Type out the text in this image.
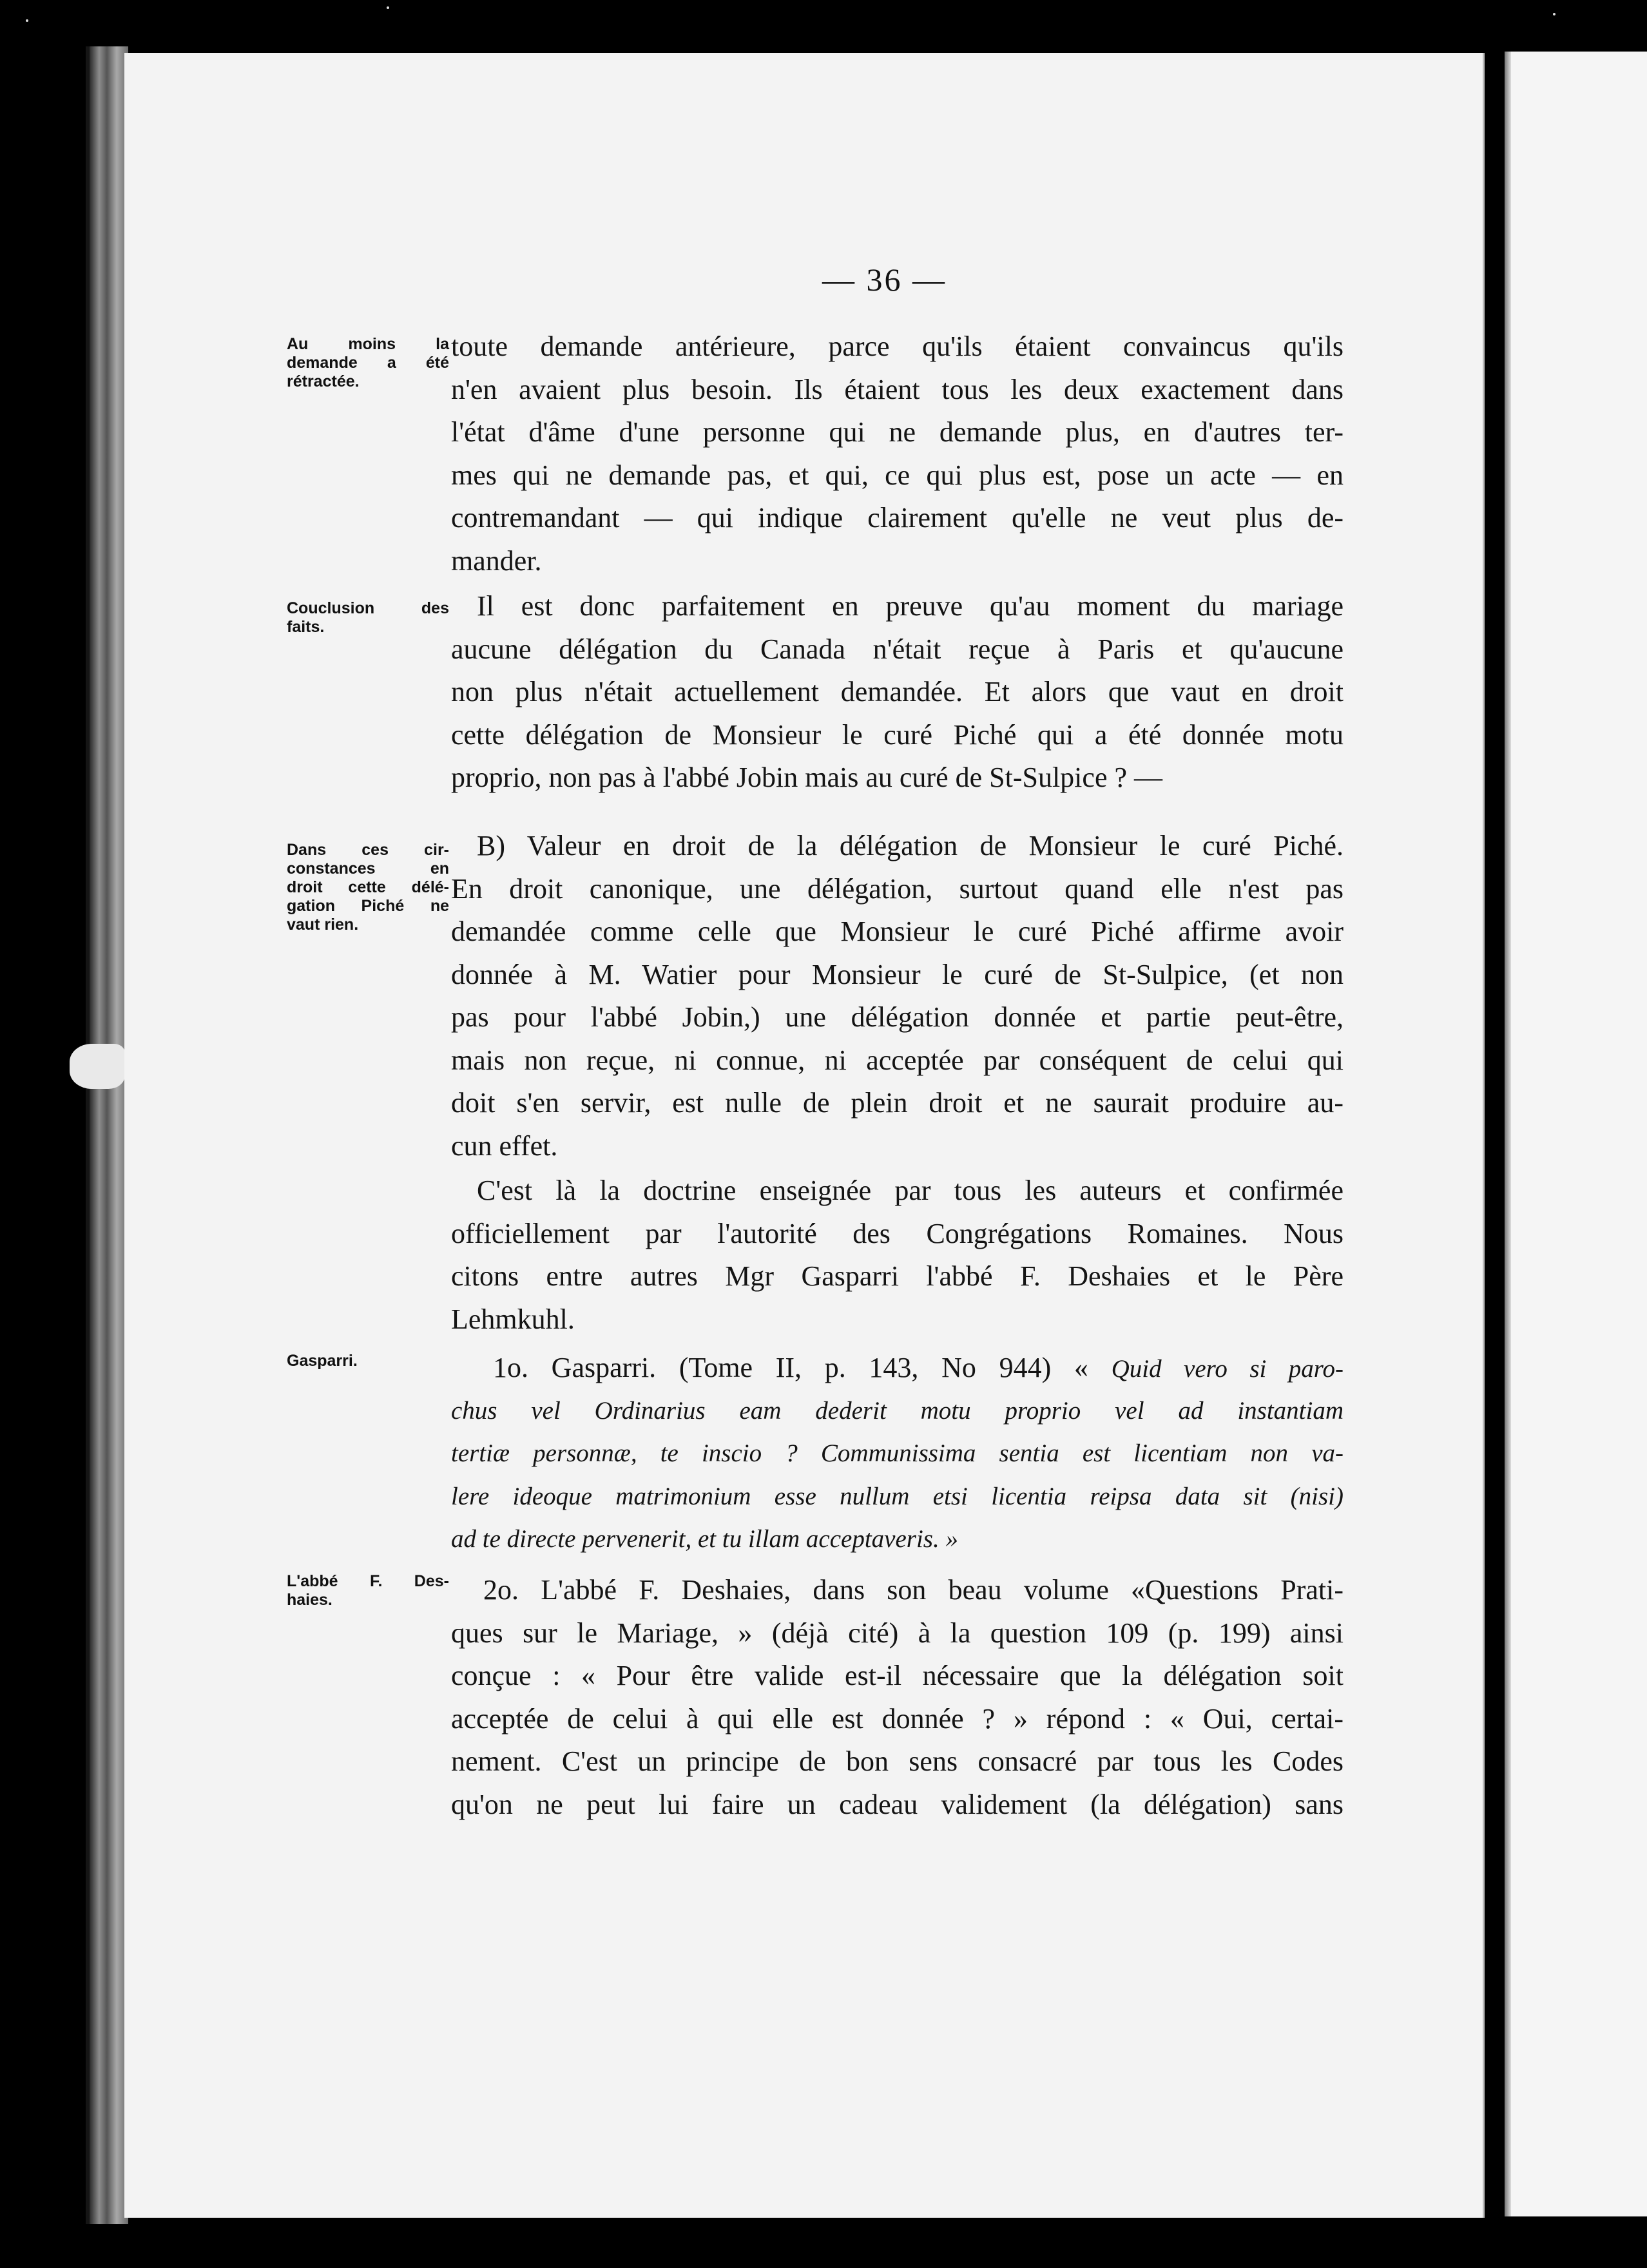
— 36 —
Au moins la
demande a été
rétractée.
Couclusion des
faits.
Dans ces cir-
constances en
droit cette délé-
gation Piché ne
vaut rien.
Gasparri.
L'abbé F. Des-
haies.
toute demande antérieure, parce qu'ils étaient convaincus qu'ils
n'en avaient plus besoin. Ils étaient tous les deux exactement dans
l'état d'âme d'une personne qui ne demande plus, en d'autres ter-
mes qui ne demande pas, et qui, ce qui plus est, pose un acte — en
contremandant — qui indique clairement qu'elle ne veut plus de-
mander.
Il est donc parfaitement en preuve qu'au moment du mariage
aucune délégation du Canada n'était reçue à Paris et qu'aucune
non plus n'était actuellement demandée. Et alors que vaut en droit
cette délégation de Monsieur le curé Piché qui a été donnée motu
proprio, non pas à l'abbé Jobin mais au curé de St-Sulpice ? —
B) Valeur en droit de la délégation de Monsieur le curé Piché.
En droit canonique, une délégation, surtout quand elle n'est pas
demandée comme celle que Monsieur le curé Piché affirme avoir
donnée à M. Watier pour Monsieur le curé de St-Sulpice, (et non
pas pour l'abbé Jobin,) une délégation donnée et partie peut-être,
mais non reçue, ni connue, ni acceptée par conséquent de celui qui
doit s'en servir, est nulle de plein droit et ne saurait produire au-
cun effet.
C'est là la doctrine enseignée par tous les auteurs et confirmée
officiellement par l'autorité des Congrégations Romaines. Nous
citons entre autres Mgr Gasparri l'abbé F. Deshaies et le Père
Lehmkuhl.
1o. Gasparri. (Tome II, p. 143, No 944) « Quid vero si paro-
chus vel Ordinarius eam dederit motu proprio vel ad instantiam
tertiæ personnæ, te inscio ? Communissima sentia est licentiam non va-
lere ideoque matrimonium esse nullum etsi licentia reipsa data sit (nisi)
ad te directe pervenerit, et tu illam acceptaveris. »
2o. L'abbé F. Deshaies, dans son beau volume «Questions Prati-
ques sur le Mariage, » (déjà cité) à la question 109 (p. 199) ainsi
conçue : « Pour être valide est-il nécessaire que la délégation soit
acceptée de celui à qui elle est donnée ? » répond : « Oui, certai-
nement. C'est un principe de bon sens consacré par tous les Codes
qu'on ne peut lui faire un cadeau validement (la délégation) sans
